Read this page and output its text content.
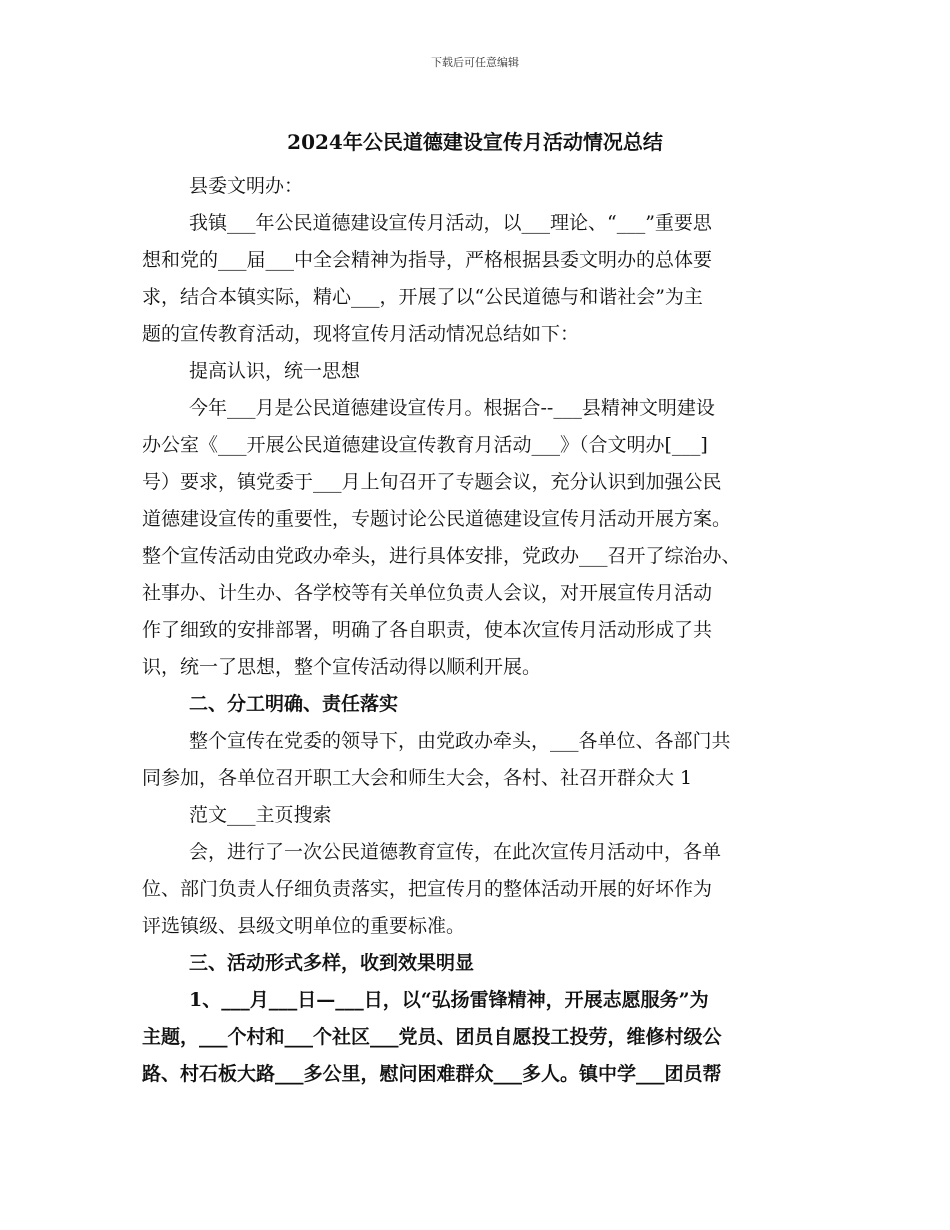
下载后可任意编辑
2024年公民道德建设宣传月活动情况总结

县委文明办：

我镇___年公民道德建设宣传月活动，以___理论、“___”重要思

想和党的___届___中全会精神为指导，严格根据县委文明办的总体要

求，结合本镇实际，精心___，开展了以“公民道德与和谐社会”为主

题的宣传教育活动，现将宣传月活动情况总结如下：

提高认识，统一思想

今年___月是公民道德建设宣传月。根据合--___县精神文明建设

办公室《___开展公民道德建设宣传教育月活动___》（合文明办[___]

号）要求，镇党委于___月上旬召开了专题会议，充分认识到加强公民

道德建设宣传的重要性，专题讨论公民道德建设宣传月活动开展方案。

整个宣传活动由党政办牵头，进行具体安排，党政办___召开了综治办、

社事办、计生办、各学校等有关单位负责人会议，对开展宣传月活动

作了细致的安排部署，明确了各自职责，使本次宣传月活动形成了共

识，统一了思想，整个宣传活动得以顺利开展。

二、分工明确、责任落实

整个宣传在党委的领导下，由党政办牵头，___各单位、各部门共

同参加，各单位召开职工大会和师生大会，各村、社召开群众大 1

范文___主页搜索

会，进行了一次公民道德教育宣传，在此次宣传月活动中，各单

位、部门负责人仔细负责落实，把宣传月的整体活动开展的好坏作为

评选镇级、县级文明单位的重要标准。

三、活动形式多样，收到效果明显

1、___月___日—___日，以“弘扬雷锋精神，开展志愿服务”为

主题，___个村和___个社区___党员、团员自愿投工投劳，维修村级公

路、村石板大路___多公里，慰问困难群众___多人。镇中学___团员帮
